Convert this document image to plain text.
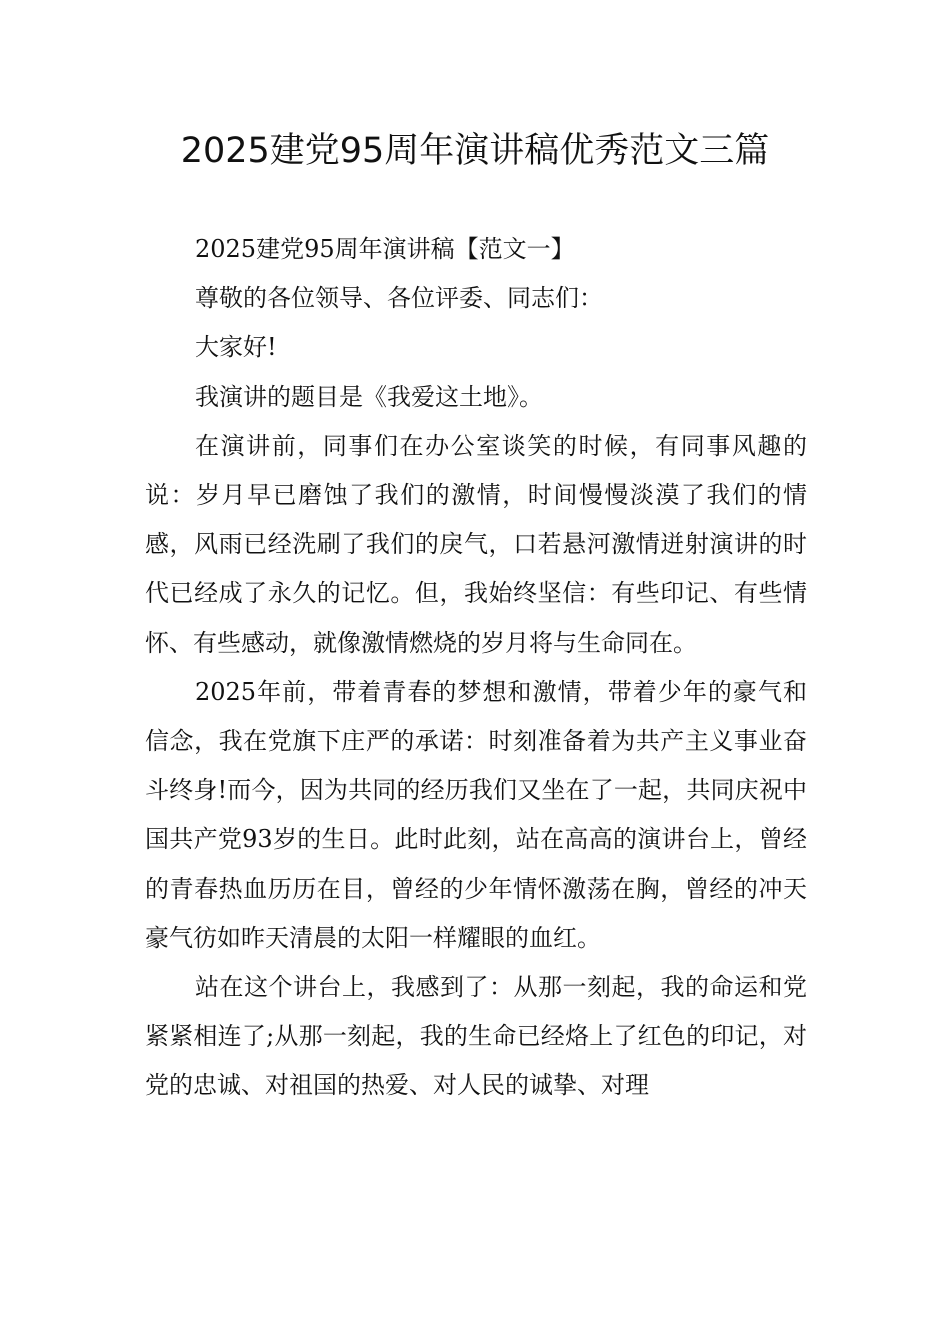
2025建党95周年演讲稿优秀范文三篇

2025建党95周年演讲稿【范文一】

尊敬的各位领导、各位评委、同志们：

大家好!

我演讲的题目是《我爱这土地》。

在演讲前，同事们在办公室谈笑的时候，有同事风趣的说：岁月早已磨蚀了我们的激情，时间慢慢淡漠了我们的情感，风雨已经洗刷了我们的戾气，口若悬河激情迸射演讲的时代已经成了永久的记忆。但，我始终坚信：有些印记、有些情怀、有些感动，就像激情燃烧的岁月将与生命同在。

2025年前，带着青春的梦想和激情，带着少年的豪气和信念，我在党旗下庄严的承诺：时刻准备着为共产主义事业奋斗终身!而今，因为共同的经历我们又坐在了一起，共同庆祝中国共产党93岁的生日。此时此刻，站在高高的演讲台上，曾经的青春热血历历在目，曾经的少年情怀激荡在胸，曾经的冲天豪气彷如昨天清晨的太阳一样耀眼的血红。

站在这个讲台上，我感到了：从那一刻起，我的命运和党紧紧相连了;从那一刻起，我的生命已经烙上了红色的印记，对党的忠诚、对祖国的热爱、对人民的诚挚、对理
